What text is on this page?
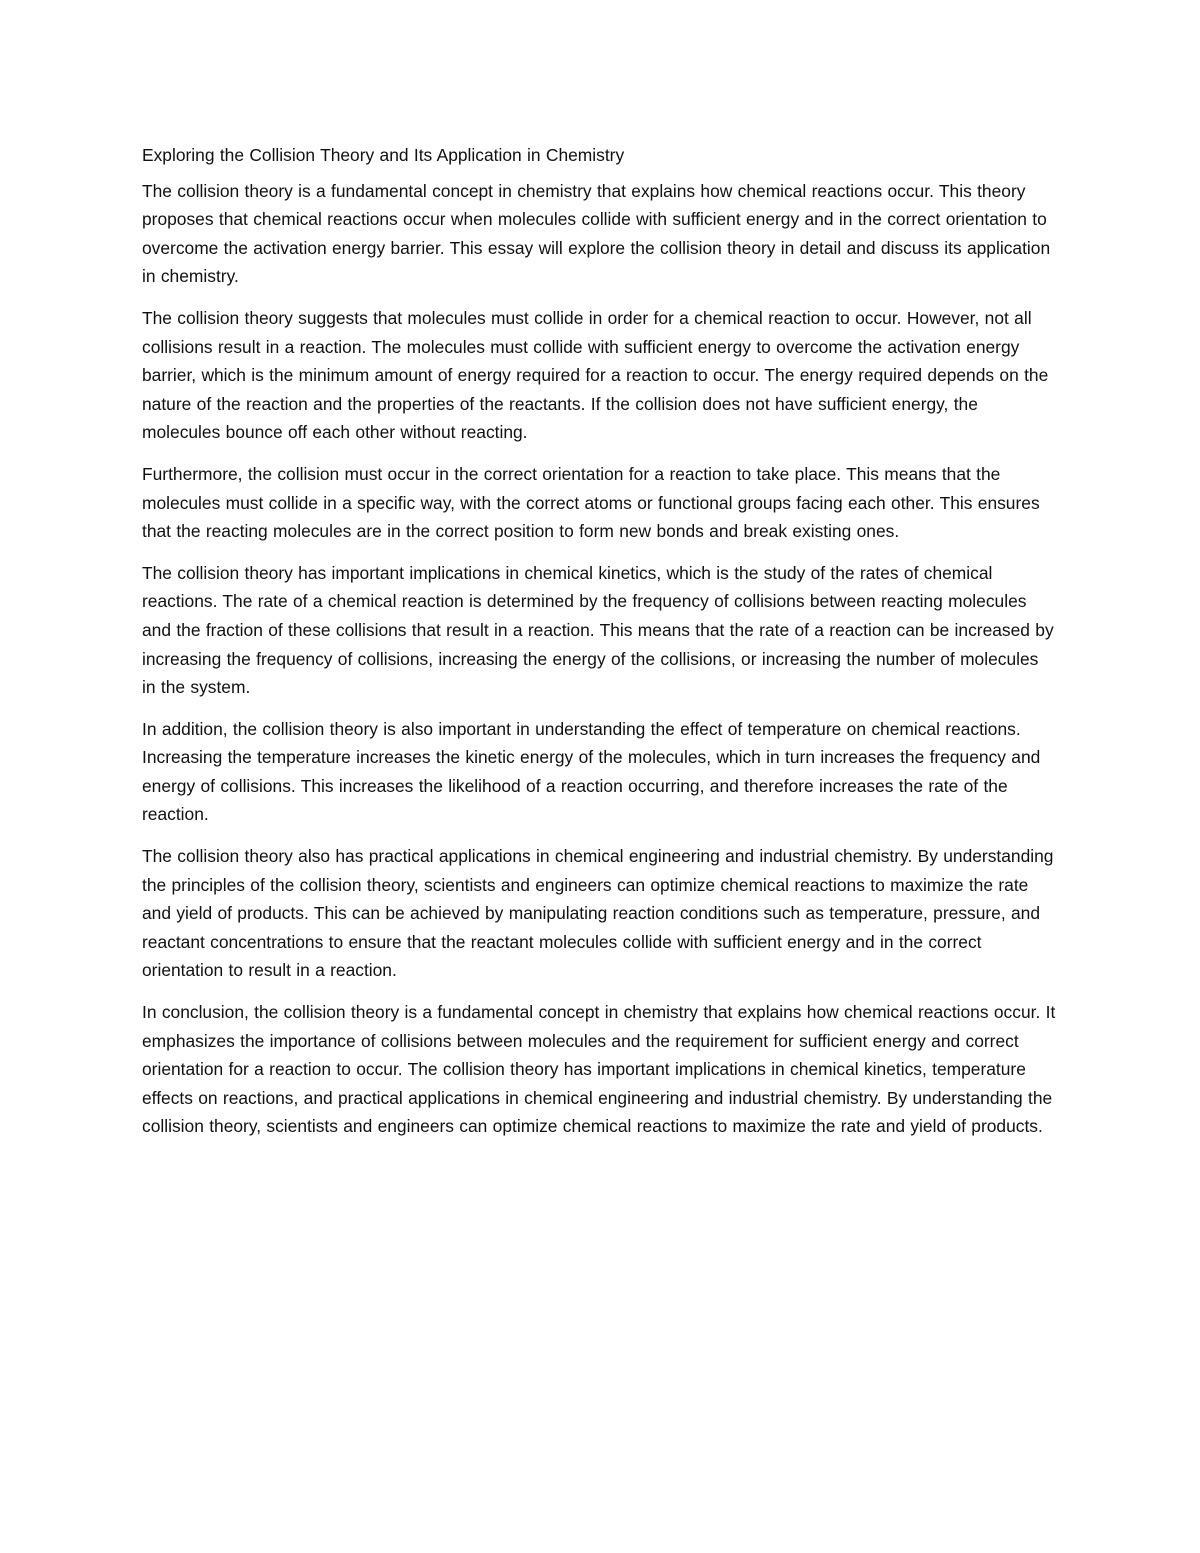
Exploring the Collision Theory and Its Application in Chemistry

The collision theory is a fundamental concept in chemistry that explains how chemical reactions occur. This theory proposes that chemical reactions occur when molecules collide with sufficient energy and in the correct orientation to overcome the activation energy barrier. This essay will explore the collision theory in detail and discuss its application in chemistry.

The collision theory suggests that molecules must collide in order for a chemical reaction to occur. However, not all collisions result in a reaction. The molecules must collide with sufficient energy to overcome the activation energy barrier, which is the minimum amount of energy required for a reaction to occur. The energy required depends on the nature of the reaction and the properties of the reactants. If the collision does not have sufficient energy, the molecules bounce off each other without reacting.

Furthermore, the collision must occur in the correct orientation for a reaction to take place. This means that the molecules must collide in a specific way, with the correct atoms or functional groups facing each other. This ensures that the reacting molecules are in the correct position to form new bonds and break existing ones.

The collision theory has important implications in chemical kinetics, which is the study of the rates of chemical reactions. The rate of a chemical reaction is determined by the frequency of collisions between reacting molecules and the fraction of these collisions that result in a reaction. This means that the rate of a reaction can be increased by increasing the frequency of collisions, increasing the energy of the collisions, or increasing the number of molecules in the system.

In addition, the collision theory is also important in understanding the effect of temperature on chemical reactions. Increasing the temperature increases the kinetic energy of the molecules, which in turn increases the frequency and energy of collisions. This increases the likelihood of a reaction occurring, and therefore increases the rate of the reaction.

The collision theory also has practical applications in chemical engineering and industrial chemistry. By understanding the principles of the collision theory, scientists and engineers can optimize chemical reactions to maximize the rate and yield of products. This can be achieved by manipulating reaction conditions such as temperature, pressure, and reactant concentrations to ensure that the reactant molecules collide with sufficient energy and in the correct orientation to result in a reaction.

In conclusion, the collision theory is a fundamental concept in chemistry that explains how chemical reactions occur. It emphasizes the importance of collisions between molecules and the requirement for sufficient energy and correct orientation for a reaction to occur. The collision theory has important implications in chemical kinetics, temperature effects on reactions, and practical applications in chemical engineering and industrial chemistry. By understanding the collision theory, scientists and engineers can optimize chemical reactions to maximize the rate and yield of products.
